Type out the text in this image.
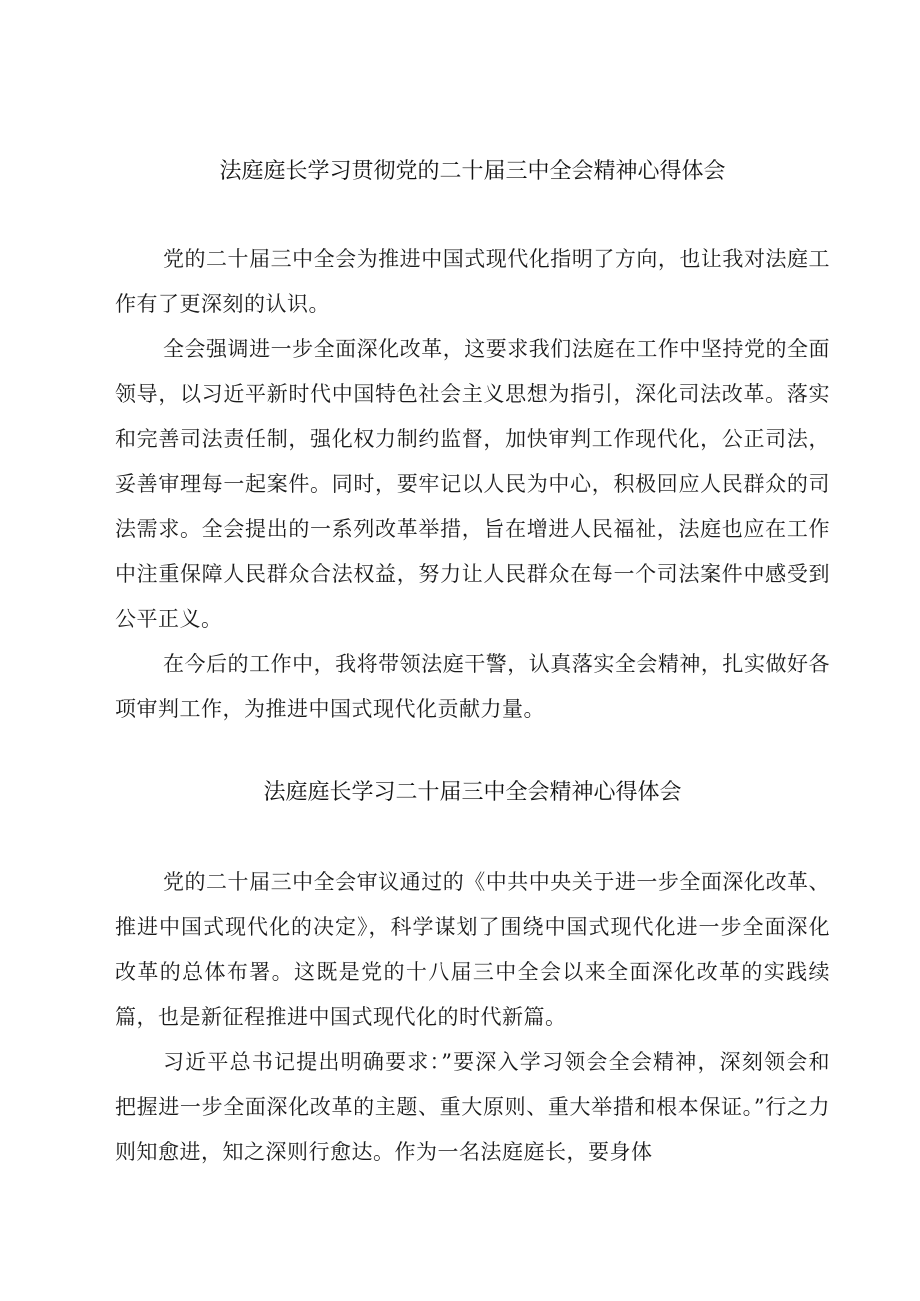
法庭庭长学习贯彻党的二十届三中全会精神心得体会

党的二十届三中全会为推进中国式现代化指明了方向，也让我对法庭工作有了更深刻的认识。

全会强调进一步全面深化改革，这要求我们法庭在工作中坚持党的全面领导，以习近平新时代中国特色社会主义思想为指引，深化司法改革。落实和完善司法责任制，强化权力制约监督，加快审判工作现代化，公正司法，妥善审理每一起案件。同时，要牢记以人民为中心，积极回应人民群众的司法需求。全会提出的一系列改革举措，旨在增进人民福祉，法庭也应在工作中注重保障人民群众合法权益，努力让人民群众在每一个司法案件中感受到公平正义。

在今后的工作中，我将带领法庭干警，认真落实全会精神，扎实做好各项审判工作，为推进中国式现代化贡献力量。

法庭庭长学习二十届三中全会精神心得体会

党的二十届三中全会审议通过的《中共中央关于进一步全面深化改革、推进中国式现代化的决定》，科学谋划了围绕中国式现代化进一步全面深化改革的总体布署。这既是党的十八届三中全会以来全面深化改革的实践续篇，也是新征程推进中国式现代化的时代新篇。

习近平总书记提出明确要求：”要深入学习领会全会精神，深刻领会和把握进一步全面深化改革的主题、重大原则、重大举措和根本保证。”行之力则知愈进，知之深则行愈达。作为一名法庭庭长，要身体
